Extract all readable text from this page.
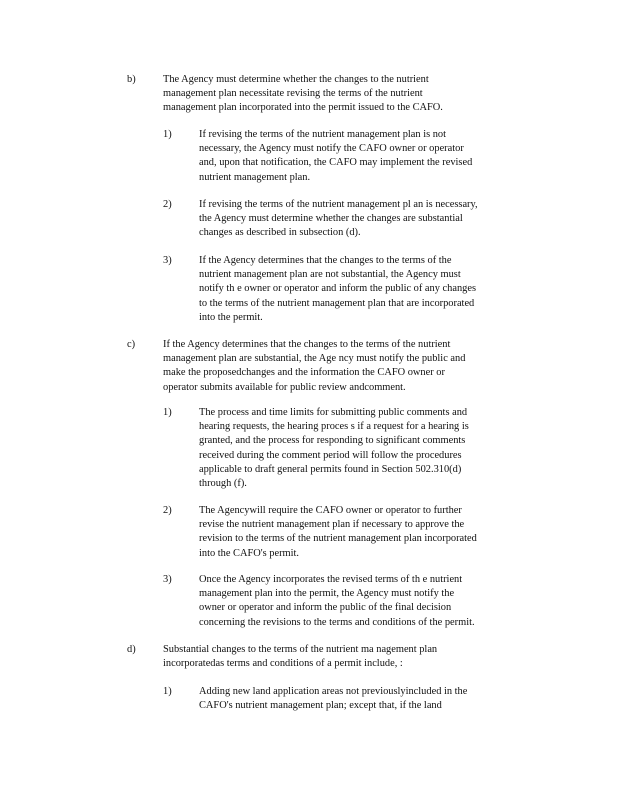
b)	The Agency must determine whether the changes to the nutrient
management plan necessitate revising the terms of the nutrient
management plan incorporated into the permit issued to the CAFO.
1)	If revising the terms of the nutrient management plan is not
necessary, the Agency must notify the CAFO owner or operator
and, upon that notification, the CAFO may implement the revised
nutrient management plan.
2)	If revising the terms of the nutrient management pl an is necessary,
the Agency must determine whether the changes are substantial
changes as described in subsection (d).
3)	If the Agency determines that the changes to the terms of the
nutrient management plan are not substantial, the Agency must
notify th e owner or operator and inform the public of any changes
to the terms of the nutrient management plan that are incorporated
into the permit.
c)	If the Agency determines that the changes to the terms of the nutrient
management plan are substantial, the Age ncy must notify the public and
make the proposedchanges and the information the CAFO owner or
operator submits available for public review andcomment.
1)	The process and time limits for submitting public comments and
hearing requests, the hearing proces s if a request for a hearing is
granted, and the process for responding to significant comments
received during the comment period will follow the procedures
applicable to draft general permits found in Section 502.310(d)
through (f).
2)	The Agencywill require the CAFO owner or operator to further
revise the nutrient management plan if necessary to approve the
revision to the terms of the nutrient management plan incorporated
into the CAFO's permit.
3)	Once the Agency incorporates the revised terms of th e nutrient
management plan into the permit, the Agency must notify the
owner or operator and inform the public of the final decision
concerning the revisions to the terms and conditions of the permit.
d)	Substantial changes to the terms of the nutrient ma nagement plan
incorporatedas terms and conditions of a permit include, :
1)	Adding new land application areas not previouslyincluded in the
CAFO's nutrient management plan; except that, if the land
